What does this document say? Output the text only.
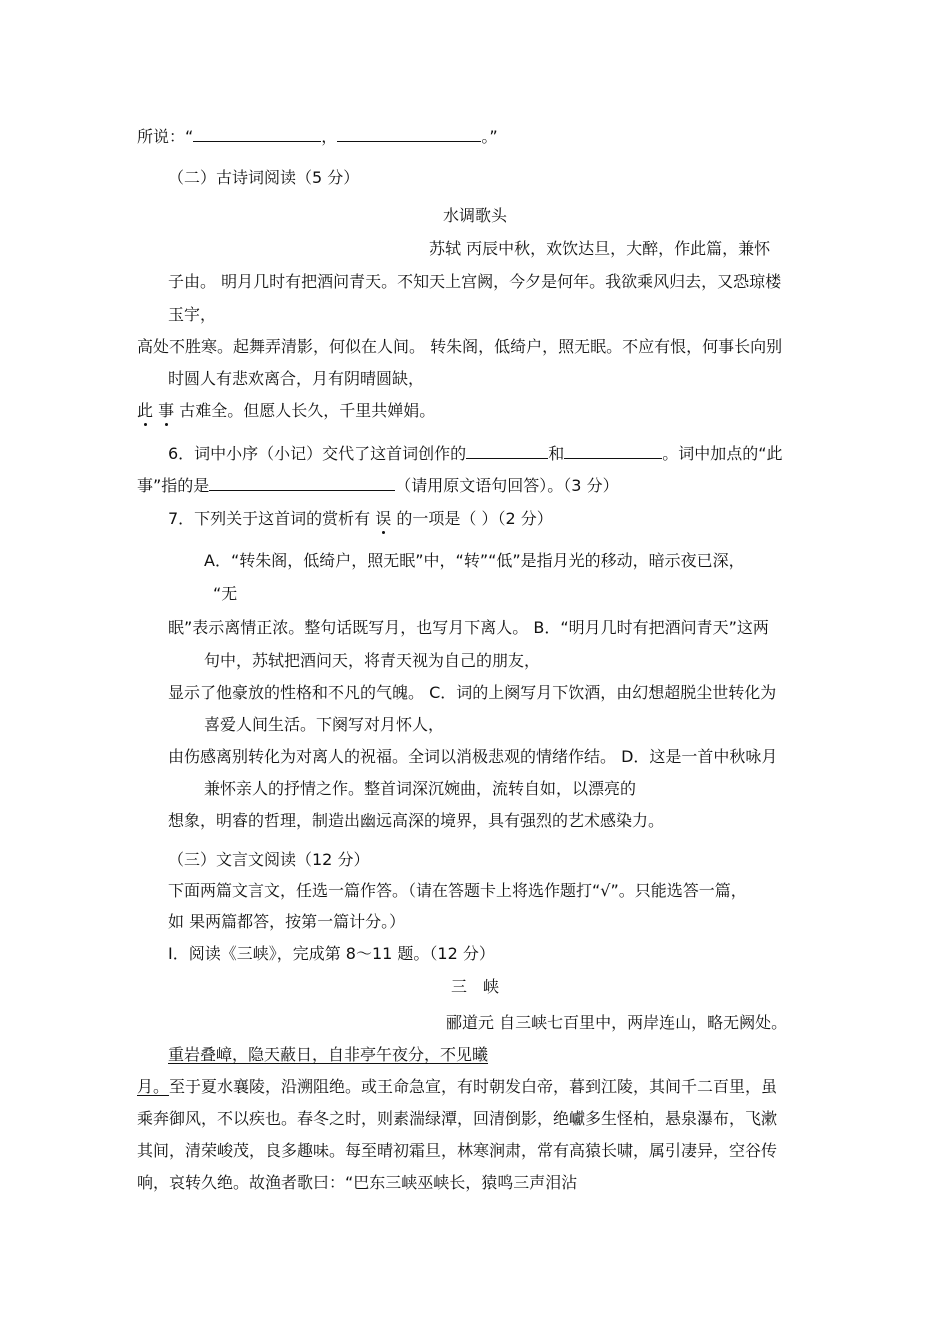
所说：“	，	。”
（二）古诗词阅读（5 分）
水调歌头
苏轼 丙辰中秋，欢饮达旦，大醉，作此篇，兼怀
子由。 明月几时有把酒问青天。不知天上宫阙，今夕是何年。我欲乘风归去，又恐琼楼
玉宇，
高处不胜寒。起舞弄清影，何似在人间。 转朱阁，低绮户，照无眠。不应有恨，何事长向别
时圆人有悲欢离合，月有阴晴圆缺，
此 事 古难全。但愿人长久，千里共婵娟。
6．词中小序（小记）交代了这首词创作的	和	。词中加点的“此
事”指的是	（请用原文语句回答）。（3 分）
7．下列关于这首词的赏析有 误 的一项是（ ）（2 分）
A．“转朱阁，低绮户，照无眠”中，“转”“低”是指月光的移动，暗示夜已深，
“无
眠”表示离情正浓。整句话既写月，也写月下离人。 B．“明月几时有把酒问青天”这两
句中，苏轼把酒问天，将青天视为自己的朋友，
显示了他豪放的性格和不凡的气魄。 C．词的上阕写月下饮酒，由幻想超脱尘世转化为
喜爱人间生活。下阕写对月怀人，
由伤感离别转化为对离人的祝福。全词以消极悲观的情绪作结。 D．这是一首中秋咏月
兼怀亲人的抒情之作。整首词深沉婉曲，流转自如，以漂亮的
想象，明睿的哲理，制造出幽远高深的境界，具有强烈的艺术感染力。
（三）文言文阅读（12 分）
下面两篇文言文，任选一篇作答。（请在答题卡上将选作题打“√”。只能选答一篇，
如 果两篇都答，按第一篇计分。）
Ⅰ．阅读《三峡》，完成第 8～11 题。（12 分）
三　峡
郦道元 自三峡七百里中，两岸连山，略无阙处。
重岩叠嶂，隐天蔽日，自非亭午夜分，不见曦
月。至于夏水襄陵，沿溯阻绝。或王命急宣，有时朝发白帝，暮到江陵，其间千二百里，虽
乘奔御风，不以疾也。春冬之时，则素湍绿潭，回清倒影，绝巘多生怪柏，悬泉瀑布，飞漱
其间，清荣峻茂，良多趣味。每至晴初霜旦，林寒涧肃，常有高猿长啸，属引凄异，空谷传
响，哀转久绝。故渔者歌曰：“巴东三峡巫峡长，猿鸣三声泪沾
